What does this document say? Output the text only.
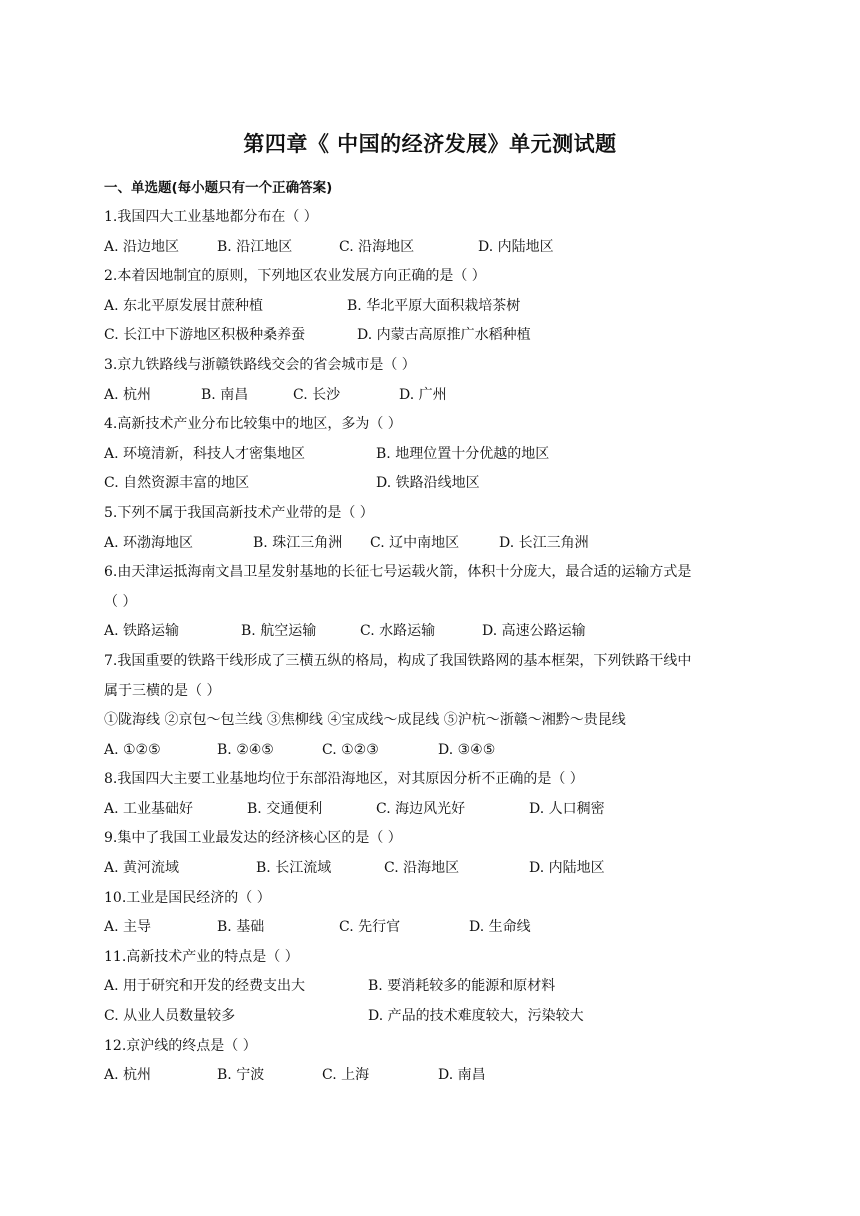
第四章《 中国的经济发展》单元测试题
一、单选题(每小题只有一个正确答案)
1.我国四大工业基地都分布在（ ）
A. 沿边地区	B. 沿江地区	C. 沿海地区	D. 内陆地区
2.本着因地制宜的原则，下列地区农业发展方向正确的是（ ）
A. 东北平原发展甘蔗种植	B. 华北平原大面积栽培茶树
C. 长江中下游地区积极种桑养蚕	D. 内蒙古高原推广水稻种植
3.京九铁路线与浙赣铁路线交会的省会城市是（ ）
A. 杭州	B. 南昌	C. 长沙	D. 广州
4.高新技术产业分布比较集中的地区，多为（ ）
A. 环境清新，科技人才密集地区	B. 地理位置十分优越的地区
C. 自然资源丰富的地区	D. 铁路沿线地区
5.下列不属于我国高新技术产业带的是（ ）
A. 环渤海地区	B. 珠江三角洲 C. 辽中南地区	D. 长江三角洲
6.由天津运抵海南文昌卫星发射基地的长征七号运载火箭，体积十分庞大，最合适的运输方式是
（ ）
A. 铁路运输	B. 航空运输	C. 水路运输	D. 高速公路运输
7.我国重要的铁路干线形成了三横五纵的格局，构成了我国铁路网的基本框架，下列铁路干线中
属于三横的是（ ）
①陇海线 ②京包～包兰线 ③焦柳线 ④宝成线～成昆线 ⑤沪杭～浙赣～湘黔～贵昆线
A. ①②⑤	B. ②④⑤	C. ①②③	D. ③④⑤
8.我国四大主要工业基地均位于东部沿海地区，对其原因分析不正确的是（ ）
A. 工业基础好	B. 交通便利	C. 海边风光好	D. 人口稠密
9.集中了我国工业最发达的经济核心区的是（ ）
A. 黄河流域	B. 长江流域	C. 沿海地区	D. 内陆地区
10.工业是国民经济的（ ）
A. 主导	B. 基础	C. 先行官	D. 生命线
11.高新技术产业的特点是（ ）
A. 用于研究和开发的经费支出大	B. 要消耗较多的能源和原材料
C. 从业人员数量较多	D. 产品的技术难度较大，污染较大
12.京沪线的终点是（ ）
A. 杭州	B. 宁波	C. 上海	D. 南昌
